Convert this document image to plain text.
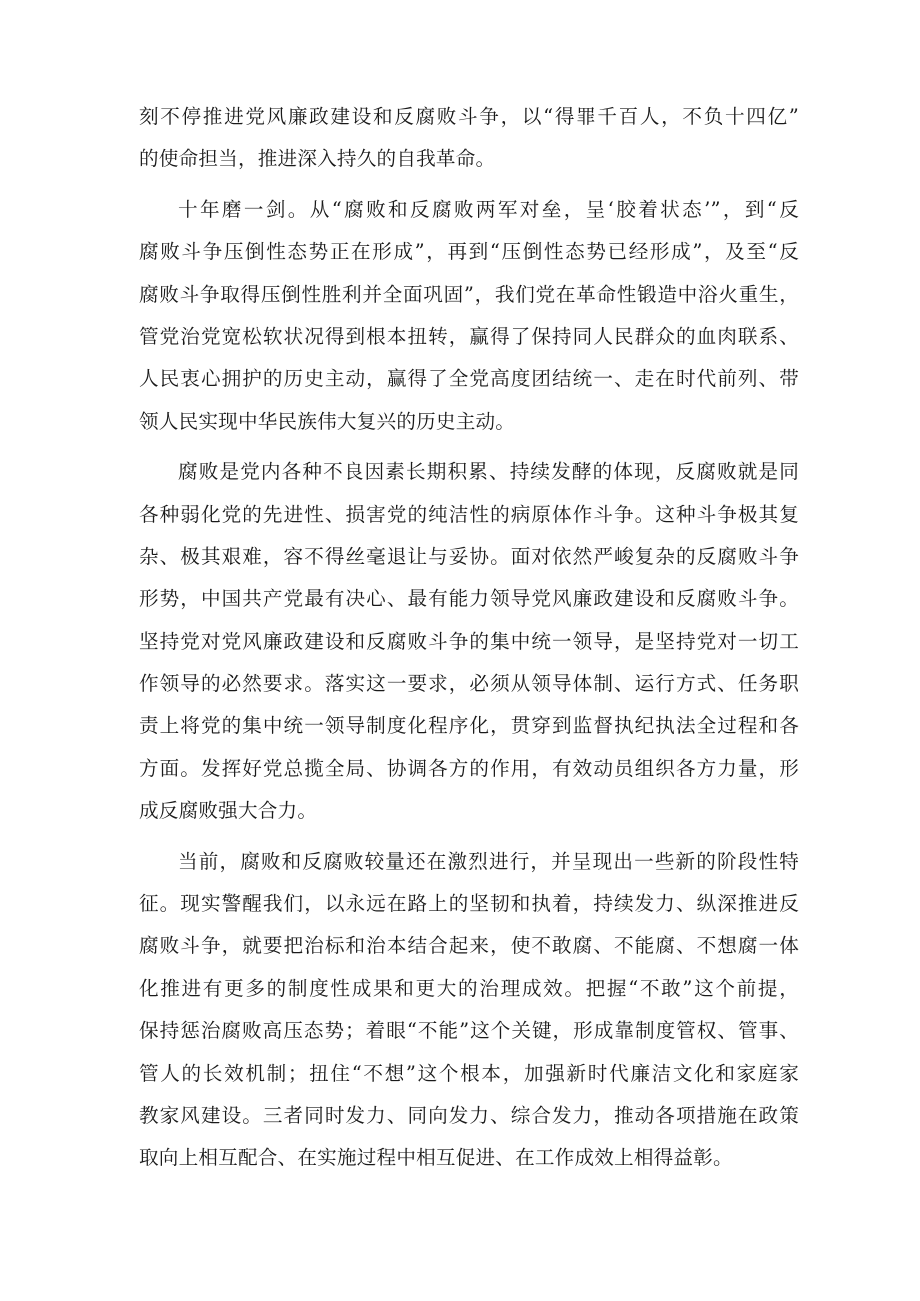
刻不停推进党风廉政建设和反腐败斗争，以“得罪千百人，不负十四亿”
的使命担当，推进深入持久的自我革命。
十年磨一剑。从“腐败和反腐败两军对垒，呈‘胶着状态’”，到“反
腐败斗争压倒性态势正在形成”，再到“压倒性态势已经形成”，及至“反
腐败斗争取得压倒性胜利并全面巩固”，我们党在革命性锻造中浴火重生，
管党治党宽松软状况得到根本扭转，赢得了保持同人民群众的血肉联系、
人民衷心拥护的历史主动，赢得了全党高度团结统一、走在时代前列、带
领人民实现中华民族伟大复兴的历史主动。
腐败是党内各种不良因素长期积累、持续发酵的体现，反腐败就是同
各种弱化党的先进性、损害党的纯洁性的病原体作斗争。这种斗争极其复
杂、极其艰难，容不得丝毫退让与妥协。面对依然严峻复杂的反腐败斗争
形势，中国共产党最有决心、最有能力领导党风廉政建设和反腐败斗争。
坚持党对党风廉政建设和反腐败斗争的集中统一领导，是坚持党对一切工
作领导的必然要求。落实这一要求，必须从领导体制、运行方式、任务职
责上将党的集中统一领导制度化程序化，贯穿到监督执纪执法全过程和各
方面。发挥好党总揽全局、协调各方的作用，有效动员组织各方力量，形
成反腐败强大合力。
当前，腐败和反腐败较量还在激烈进行，并呈现出一些新的阶段性特
征。现实警醒我们，以永远在路上的坚韧和执着，持续发力、纵深推进反
腐败斗争，就要把治标和治本结合起来，使不敢腐、不能腐、不想腐一体
化推进有更多的制度性成果和更大的治理成效。把握“不敢”这个前提，
保持惩治腐败高压态势；着眼“不能”这个关键，形成靠制度管权、管事、
管人的长效机制；扭住“不想”这个根本，加强新时代廉洁文化和家庭家
教家风建设。三者同时发力、同向发力、综合发力，推动各项措施在政策
取向上相互配合、在实施过程中相互促进、在工作成效上相得益彰。
